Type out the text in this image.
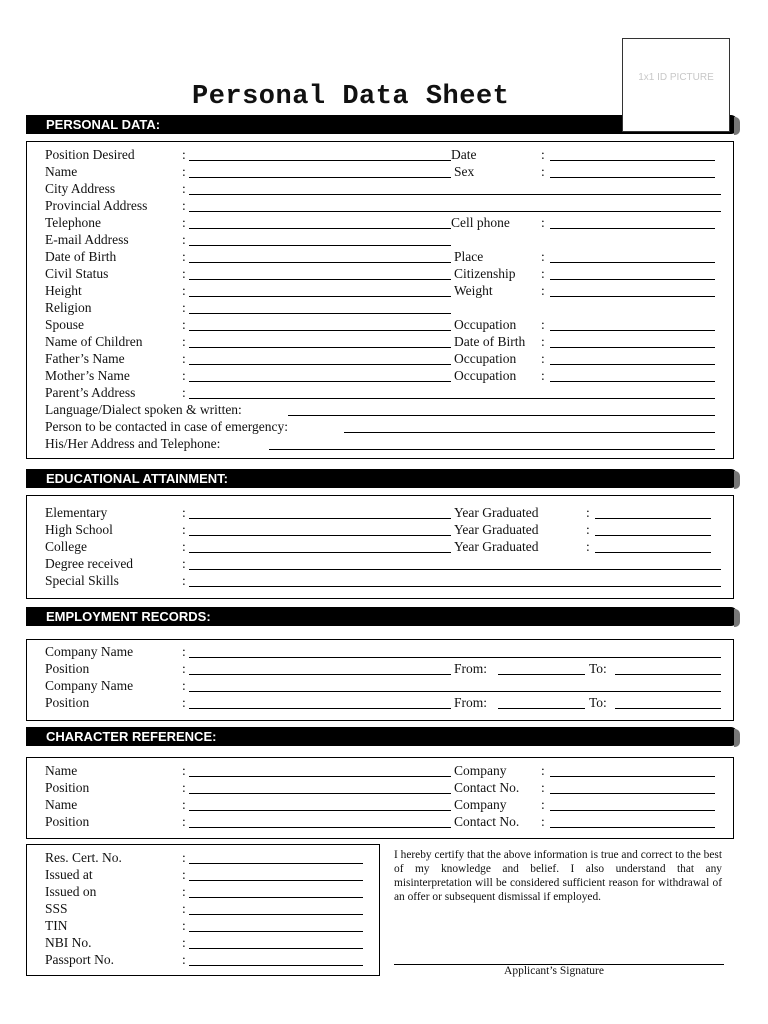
Personal Data Sheet
1x1 ID PICTURE
PERSONAL DATA:
Position Desired	:	Date	:
Name	:	Sex	:
City Address	:
Provincial Address	:
Telephone	:	Cell phone :
E-mail Address	:
Date of Birth	:	Place	:
Civil Status	:	Citizenship :
Height	:	Weight	:
Religion	:
Spouse	:	Occupation :
Name of Children	:	Date of Birth :
Father’s Name	:	Occupation :
Mother’s Name	:	Occupation :
Parent’s Address	:
Language/Dialect spoken & written:
Person to be contacted in case of emergency:
His/Her Address and Telephone:
EDUCATIONAL ATTAINMENT:
Elementary	:	Year Graduated	:
High School	:	Year Graduated	:
College	:	Year Graduated	:
Degree received	:
Special Skills	:
EMPLOYMENT RECORDS:
Company Name	:
Position	:	From:	To:
Company Name	:
Position	:	From:	To:
CHARACTER REFERENCE:
Name	:	Company	:
Position	:	Contact No. :
Name	:	Company	:
Position	:	Contact No. :
Res. Cert. No.	:
Issued at	:
Issued on	:
SSS	:
TIN	:
NBI No.	:
Passport No.	:
I hereby certify that the above information is true and correct to the best of my knowledge and belief. I also understand that any misinterpretation will be considered sufficient reason for withdrawal of an offer or subsequent dismissal if employed.
Applicant’s Signature
